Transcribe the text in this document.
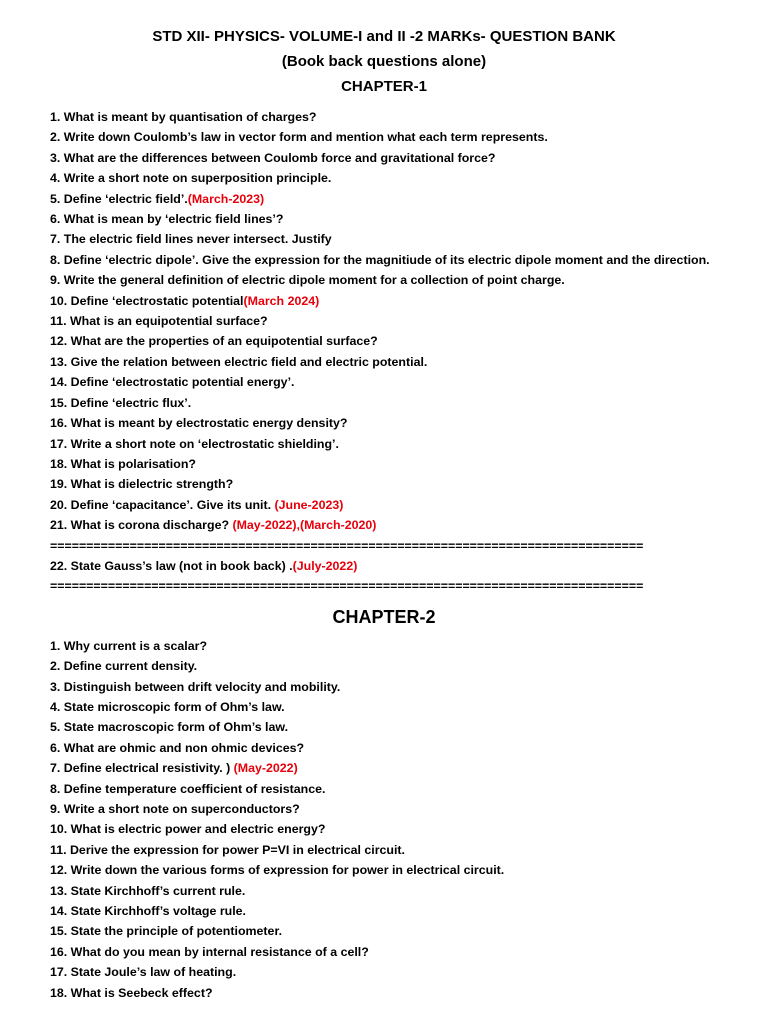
STD XII- PHYSICS- VOLUME-I and II -2 MARKs- QUESTION BANK
(Book back questions alone)
CHAPTER-1
1. What is meant by quantisation of charges?
2. Write down Coulomb’s law in vector form and mention what each term represents.
3. What are the differences between Coulomb force and gravitational force?
4. Write a short note on superposition principle.
5. Define ‘electric field’.(March-2023)
6. What is mean by ‘electric field lines’?
7. The electric field lines never intersect. Justify
8. Define ‘electric dipole’. Give the expression for the magnitiude of its electric dipole moment and the direction.
9. Write the general definition of electric dipole moment for a collection of point charge.
10. Define ‘electrostatic potential(March 2024)
11. What is an equipotential surface?
12. What are the properties of an equipotential surface?
13. Give the relation between electric field and electric potential.
14. Define ‘electrostatic potential energy’.
15. Define ‘electric flux’.
16. What is meant by electrostatic energy density?
17. Write a short note on ‘electrostatic shielding’.
18. What is polarisation?
19. What is dielectric strength?
20. Define ‘capacitance’. Give its unit. (June-2023)
21. What is corona discharge? (May-2022),(March-2020)
==================================================================================
22. State Gauss’s law (not in book back) .(July-2022)
==================================================================================
CHAPTER-2
1. Why current is a scalar?
2. Define current density.
3. Distinguish between drift velocity and mobility.
4. State microscopic form of Ohm’s law.
5. State macroscopic form of Ohm’s law.
6. What are ohmic and non ohmic devices?
7. Define electrical resistivity. ) (May-2022)
8. Define temperature coefficient of resistance.
9. Write a short note on superconductors?
10. What is electric power and electric energy?
11. Derive the expression for power P=VI in electrical circuit.
12. Write down the various forms of expression for power in electrical circuit.
13. State Kirchhoff’s current rule.
14. State Kirchhoff’s voltage rule.
15. State the principle of potentiometer.
16. What do you mean by internal resistance of a cell?
17. State Joule’s law of heating.
18. What is Seebeck effect?
